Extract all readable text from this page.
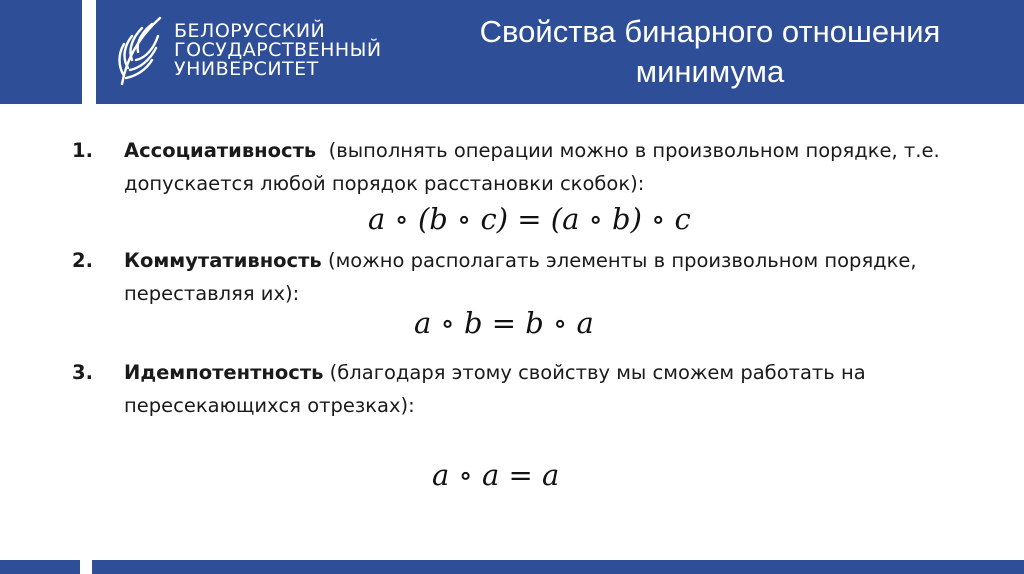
БЕЛОРУССКИЙ
ГОСУДАРСТВЕННЫЙ
УНИВЕРСИТЕТ
Свойства бинарного отношения
минимума
1.	Ассоциативность (выполнять операции можно в произвольном порядке, т.е. допускается любой порядок расстановки скобок):
a ∘ (b ∘ c) = (a ∘ b) ∘ c
2.	Коммутативность (можно располагать элементы в произвольном порядке, переставляя их):
a ∘ b = b ∘ a
3.	Идемпотентность (благодаря этому свойству мы сможем работать на пересекающихся отрезках):
a ∘ a = a
